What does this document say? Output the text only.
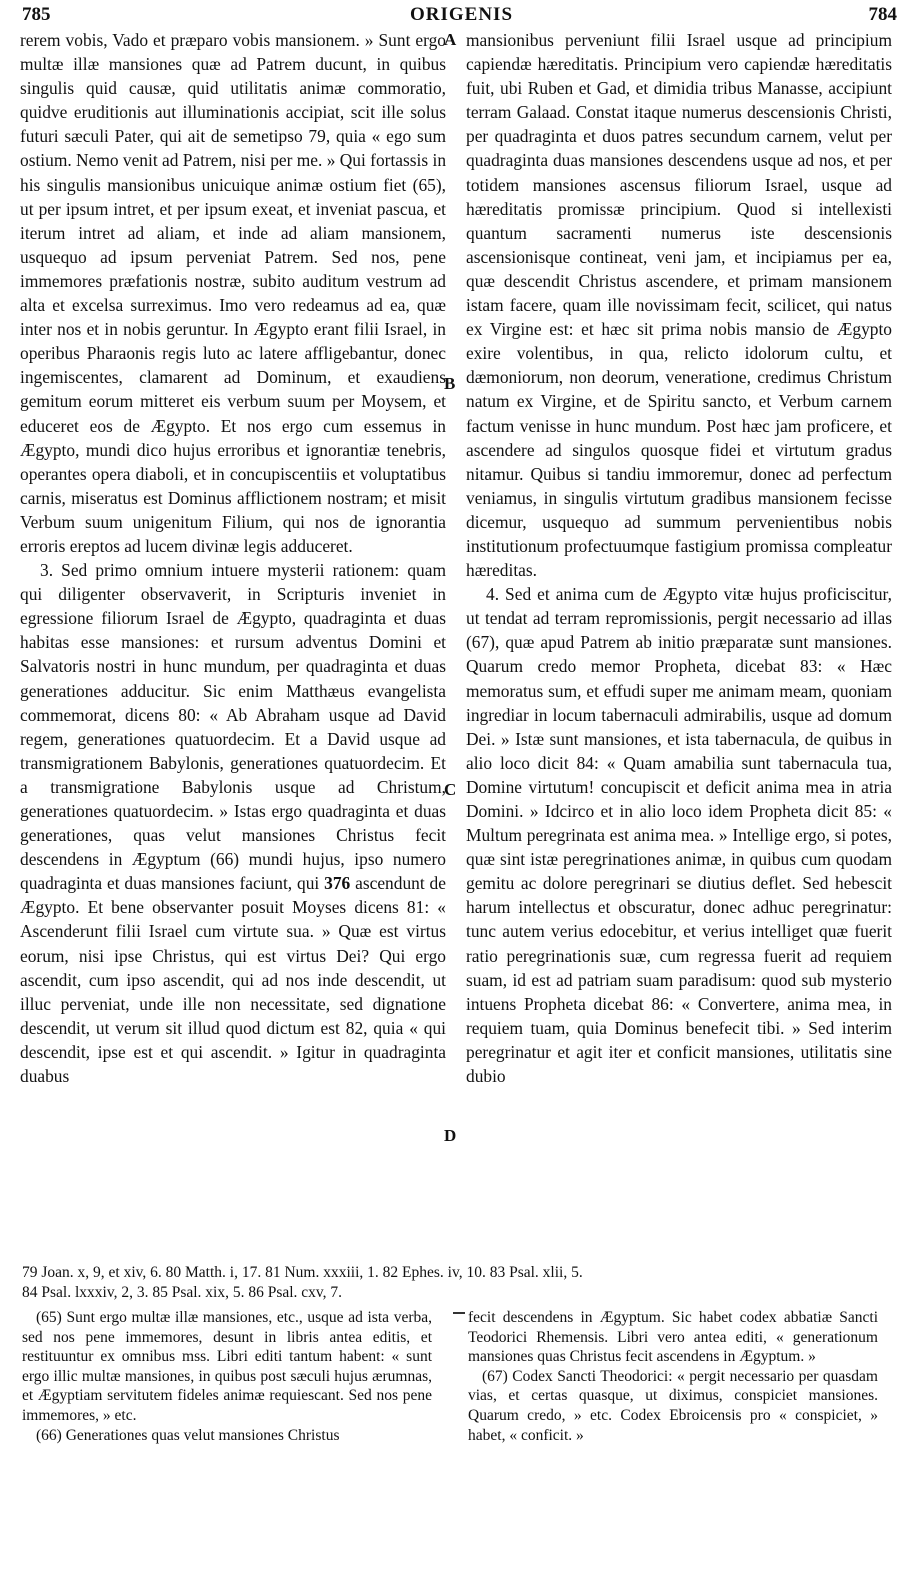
785	ORIGENIS	784

rerem vobis, Vado et præparo vobis mansionem. » Sunt ergo multæ illæ mansiones quæ ad Patrem ducunt, in quibus singulis quid causæ, quid utilitatis animæ commoratio, quidve eruditionis aut illuminationis accipiat, scit ille solus futuri sæculi Pater, qui ait de semetipso 79, quia « ego sum ostium. Nemo venit ad Patrem, nisi per me. » Qui fortassis in his singulis mansionibus unicuique animæ ostium fiet (65), ut per ipsum intret, et per ipsum exeat, et inveniat pascua, et iterum intret ad aliam, et inde ad aliam mansionem, usquequo ad ipsum perveniat Patrem. Sed nos, pene immemores præfationis nostræ, subito auditum vestrum ad alta et excelsa surreximus. Imo vero redeamus ad ea, quæ inter nos et in nobis geruntur. In Ægypto erant filii Israel, in operibus Pharaonis regis luto ac latere affligebantur, donec ingemiscentes, clamarent ad Dominum, et exaudiens gemitum eorum mitteret eis verbum suum per Moysem, et educeret eos de Ægypto. Et nos ergo cum essemus in Ægypto, mundi dico hujus erroribus et ignorantiæ tenebris, operantes opera diaboli, et in concupiscentiis et voluptatibus carnis, miseratus est Dominus afflictionem nostram; et misit Verbum suum unigenitum Filium, qui nos de ignorantia erroris ereptos ad lucem divinæ legis adduceret.

3. Sed primo omnium intuere mysterii rationem: quam qui diligenter observaverit, in Scripturis inveniet in egressione filiorum Israel de Ægypto, quadraginta et duas habitas esse mansiones: et rursum adventus Domini et Salvatoris nostri in hunc mundum, per quadraginta et duas generationes adducitur. Sic enim Matthæus evangelista commemorat, dicens 80: « Ab Abraham usque ad David regem, generationes quatuordecim. Et a David usque ad transmigrationem Babylonis, generationes quatuordecim. Et a transmigratione Babylonis usque ad Christum, generationes quatuordecim. » Istas ergo quadraginta et duas generationes, quas velut mansiones Christus fecit descendens in Ægyptum (66) mundi hujus, ipso numero quadraginta et duas mansiones faciunt, qui 376 ascendunt de Ægypto. Et bene observanter posuit Moyses dicens 81: « Ascenderunt filii Israel cum virtute sua. » Quæ est virtus eorum, nisi ipse Christus, qui est virtus Dei? Qui ergo ascendit, cum ipso ascendit, qui ad nos inde descendit, ut illuc perveniat, unde ille non necessitate, sed dignatione descendit, ut verum sit illud quod dictum est 82, quia « qui descendit, ipse est et qui ascendit. » Igitur in quadraginta duabus

mansionibus perveniunt filii Israel usque ad principium capiendæ hæreditatis. Principium vero capiendæ hæreditatis fuit, ubi Ruben et Gad, et dimidia tribus Manasse, accipiunt terram Galaad. Constat itaque numerus descensionis Christi, per quadraginta et duos patres secundum carnem, velut per quadraginta duas mansiones descendens usque ad nos, et per totidem mansiones ascensus filiorum Israel, usque ad hæreditatis promissæ principium. Quod si intellexisti quantum sacramenti numerus iste descensionis ascensionisque contineat, veni jam, et incipiamus per ea, quæ descendit Christus ascendere, et primam mansionem istam facere, quam ille novissimam fecit, scilicet, qui natus ex Virgine est: et hæc sit prima nobis mansio de Ægypto exire volentibus, in qua, relicto idolorum cultu, et dæmoniorum, non deorum, veneratione, credimus Christum natum ex Virgine, et de Spiritu sancto, et Verbum carnem factum venisse in hunc mundum. Post hæc jam proficere, et ascendere ad singulos quosque fidei et virtutum gradus nitamur. Quibus si tandiu immoremur, donec ad perfectum veniamus, in singulis virtutum gradibus mansionem fecisse dicemur, usquequo ad summum pervenientibus nobis institutionum profectuumque fastigium promissa compleatur hæreditas.

4. Sed et anima cum de Ægypto vitæ hujus proficiscitur, ut tendat ad terram repromissionis, pergit necessario ad illas (67), quæ apud Patrem ab initio præparatæ sunt mansiones. Quarum credo memor Propheta, dicebat 83: « Hæc memoratus sum, et effudi super me animam meam, quoniam ingrediar in locum tabernaculi admirabilis, usque ad domum Dei. » Istæ sunt mansiones, et ista tabernacula, de quibus in alio loco dicit 84: « Quam amabilia sunt tabernacula tua, Domine virtutum! concupiscit et deficit anima mea in atria Domini. » Idcirco et in alio loco idem Propheta dicit 85: « Multum peregrinata est anima mea. » Intellige ergo, si potes, quæ sint istæ peregrinationes animæ, in quibus cum quodam gemitu ac dolore peregrinari se diutius deflet. Sed hebescit harum intellectus et obscuratur, donec adhuc peregrinatur: tunc autem verius edocebitur, et verius intelliget quæ fuerit ratio peregrinationis suæ, cum regressa fuerit ad requiem suam, id est ad patriam suam paradisum: quod sub mysterio intuens Propheta dicebat 86: « Convertere, anima mea, in requiem tuam, quia Dominus benefecit tibi. » Sed interim peregrinatur et agit iter et conficit mansiones, utilitatis sine dubio

A
B
C
D

79 Joan. x, 9, et xiv, 6. 80 Matth. i, 17. 81 Num. xxxiii, 1. 82 Ephes. iv, 10. 83 Psal. xlii, 5.

84 Psal. lxxxiv, 2, 3. 85 Psal. xix, 5. 86 Psal. cxv, 7.

(65) Sunt ergo multæ illæ mansiones, etc., usque ad ista verba, sed nos pene immemores, desunt in libris antea editis, et restituuntur ex omnibus mss. Libri editi tantum habent: « sunt ergo illic multæ mansiones, in quibus post sæculi hujus ærumnas, et Ægyptiam servitutem fideles animæ requiescant. Sed nos pene immemores, » etc.

(66) Generationes quas velut mansiones Christus

fecit descendens in Ægyptum. Sic habet codex abbatiæ Sancti Teodorici Rhemensis. Libri vero antea editi, « generationum mansiones quas Christus fecit ascendens in Ægyptum. »

(67) Codex Sancti Theodorici: « pergit necessario per quasdam vias, et certas quasque, ut diximus, conspiciet mansiones. Quarum credo, » etc. Codex Ebroicensis pro « conspiciet, » habet, « conficit. »
